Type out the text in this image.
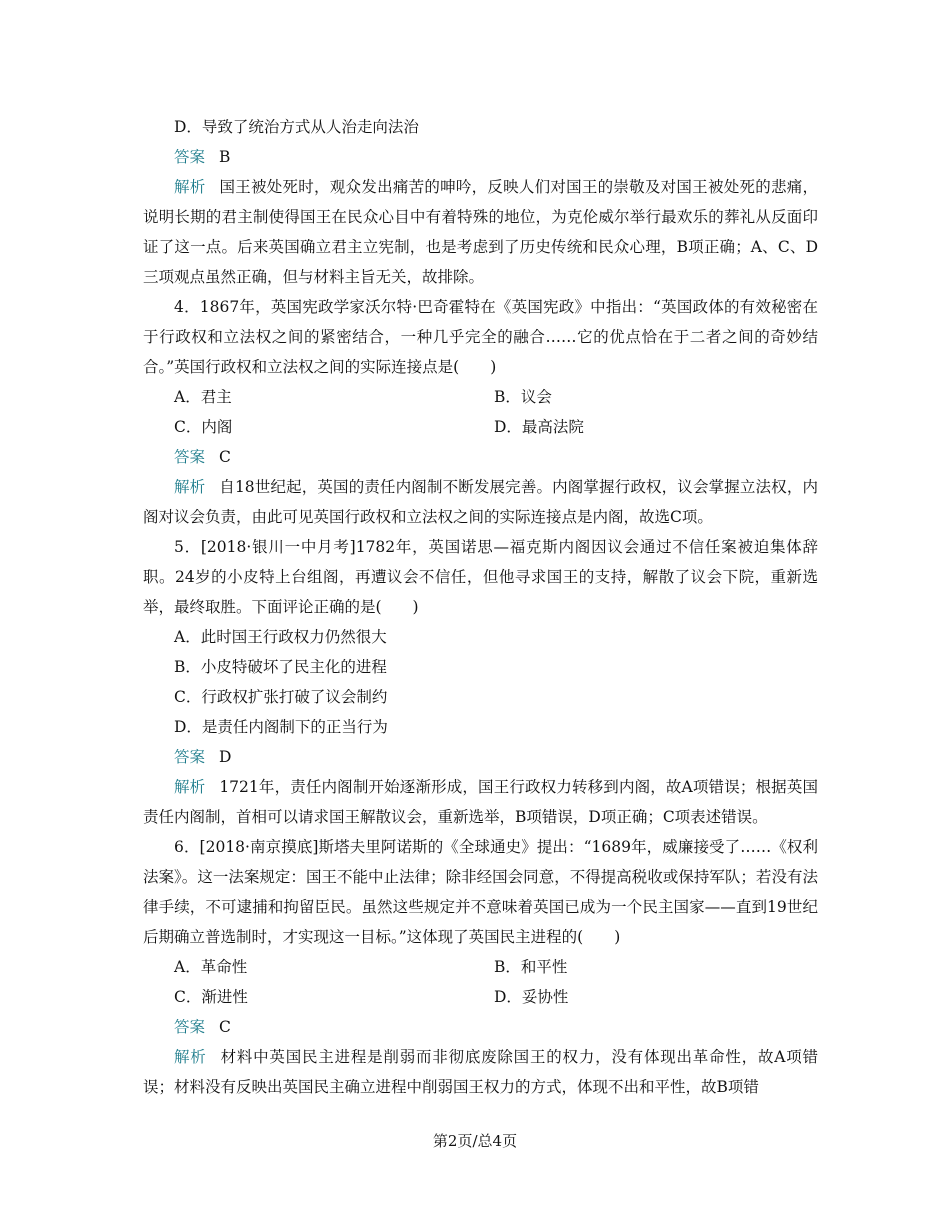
D．导致了统治方式从人治走向法治
答案 B

解析 国王被处死时，观众发出痛苦的呻吟，反映人们对国王的崇敬及对国王被处死的悲痛，说明长期的君主制使得国王在民众心目中有着特殊的地位，为克伦威尔举行最欢乐的葬礼从反面印证了这一点。后来英国确立君主立宪制，也是考虑到了历史传统和民众心理，B项正确；A、C、D三项观点虽然正确，但与材料主旨无关，故排除。

4．1867年，英国宪政学家沃尔特·巴奇霍特在《英国宪政》中指出：“英国政体的有效秘密在于行政权和立法权之间的紧密结合，一种几乎完全的融合……它的优点恰在于二者之间的奇妙结合。”英国行政权和立法权之间的实际连接点是(　　)

A．君主	B．议会
C．内阁	D．最高法院
答案 C

解析 自18世纪起，英国的责任内阁制不断发展完善。内阁掌握行政权，议会掌握立法权，内阁对议会负责，由此可见英国行政权和立法权之间的实际连接点是内阁，故选C项。

5．[2018·银川一中月考]1782年，英国诺思—福克斯内阁因议会通过不信任案被迫集体辞职。24岁的小皮特上台组阁，再遭议会不信任，但他寻求国王的支持，解散了议会下院，重新选举，最终取胜。下面评论正确的是(　　)

A．此时国王行政权力仍然很大
B．小皮特破坏了民主化的进程
C．行政权扩张打破了议会制约
D．是责任内阁制下的正当行为
答案 D

解析 1721年，责任内阁制开始逐渐形成，国王行政权力转移到内阁，故A项错误；根据英国责任内阁制，首相可以请求国王解散议会，重新选举，B项错误，D项正确；C项表述错误。

6．[2018·南京摸底]斯塔夫里阿诺斯的《全球通史》提出：“1689年，威廉接受了……《权利法案》。这一法案规定：国王不能中止法律；除非经国会同意，不得提高税收或保持军队；若没有法律手续，不可逮捕和拘留臣民。虽然这些规定并不意味着英国已成为一个民主国家——直到19世纪后期确立普选制时，才实现这一目标。”这体现了英国民主进程的(　　)

A．革命性	B．和平性
C．渐进性	D．妥协性
答案 C

解析 材料中英国民主进程是削弱而非彻底废除国王的权力，没有体现出革命性，故A项错误；材料没有反映出英国民主确立进程中削弱国王权力的方式，体现不出和平性，故B项错

第2页/总4页
